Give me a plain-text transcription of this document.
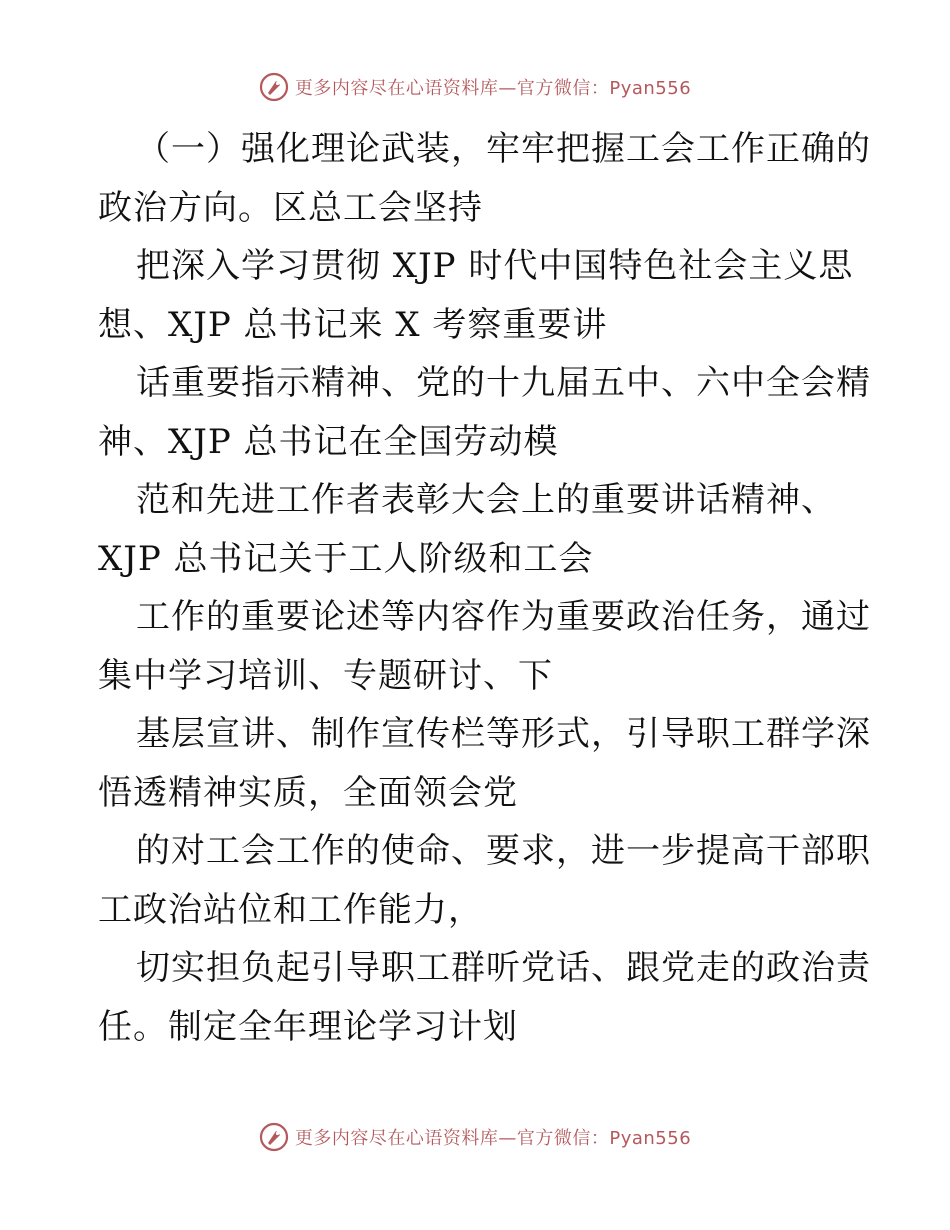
更多内容尽在心语资料库—官方微信：Pyan556
（一）强化理论武装，牢牢把握工会工作正确的
政治方向。区总工会坚持
把深入学习贯彻 XJP 时代中国特色社会主义思
想、XJP 总书记来 X 考察重要讲
话重要指示精神、党的十九届五中、六中全会精
神、XJP 总书记在全国劳动模
范和先进工作者表彰大会上的重要讲话精神、
XJP 总书记关于工人阶级和工会
工作的重要论述等内容作为重要政治任务，通过
集中学习培训、专题研讨、下
基层宣讲、制作宣传栏等形式，引导职工群学深
悟透精神实质，全面领会党
的对工会工作的使命、要求，进一步提高干部职
工政治站位和工作能力，
切实担负起引导职工群听党话、跟党走的政治责
任。制定全年理论学习计划
更多内容尽在心语资料库—官方微信：Pyan556
